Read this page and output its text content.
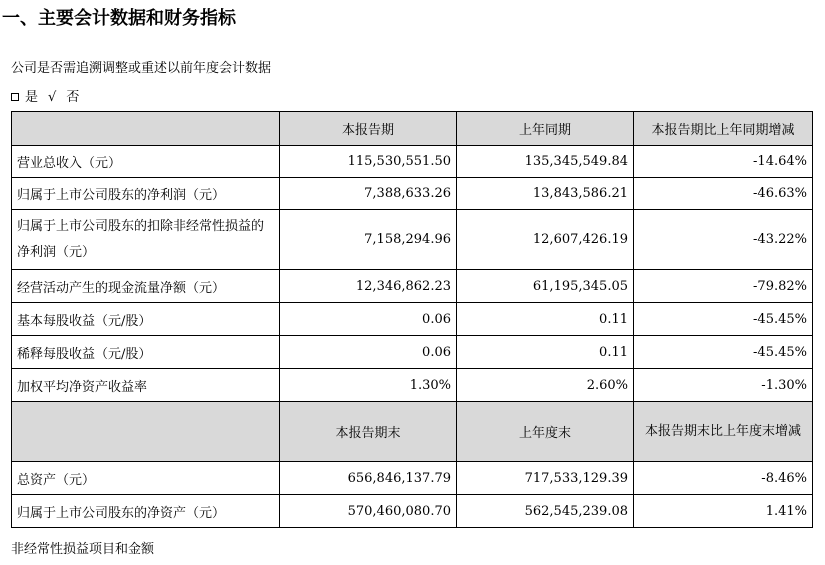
一、主要会计数据和财务指标
公司是否需追溯调整或重述以前年度会计数据
是 √ 否
	本报告期	上年同期	本报告期比上年同期增减
营业总收入（元）	115,530,551.50	135,345,549.84	-14.64%
归属于上市公司股东的净利润（元）	7,388,633.26	13,843,586.21	-46.63%
归属于上市公司股东的扣除非经常性损益的净利润（元）	7,158,294.96	12,607,426.19	-43.22%
经营活动产生的现金流量净额（元）	12,346,862.23	61,195,345.05	-79.82%
基本每股收益（元/股）	0.06	0.11	-45.45%
稀释每股收益（元/股）	0.06	0.11	-45.45%
加权平均净资产收益率	1.30%	2.60%	-1.30%
	本报告期末	上年度末	本报告期末比上年度末增减
总资产（元）	656,846,137.79	717,533,129.39	-8.46%
归属于上市公司股东的净资产（元）	570,460,080.70	562,545,239.08	1.41%
非经常性损益项目和金额
